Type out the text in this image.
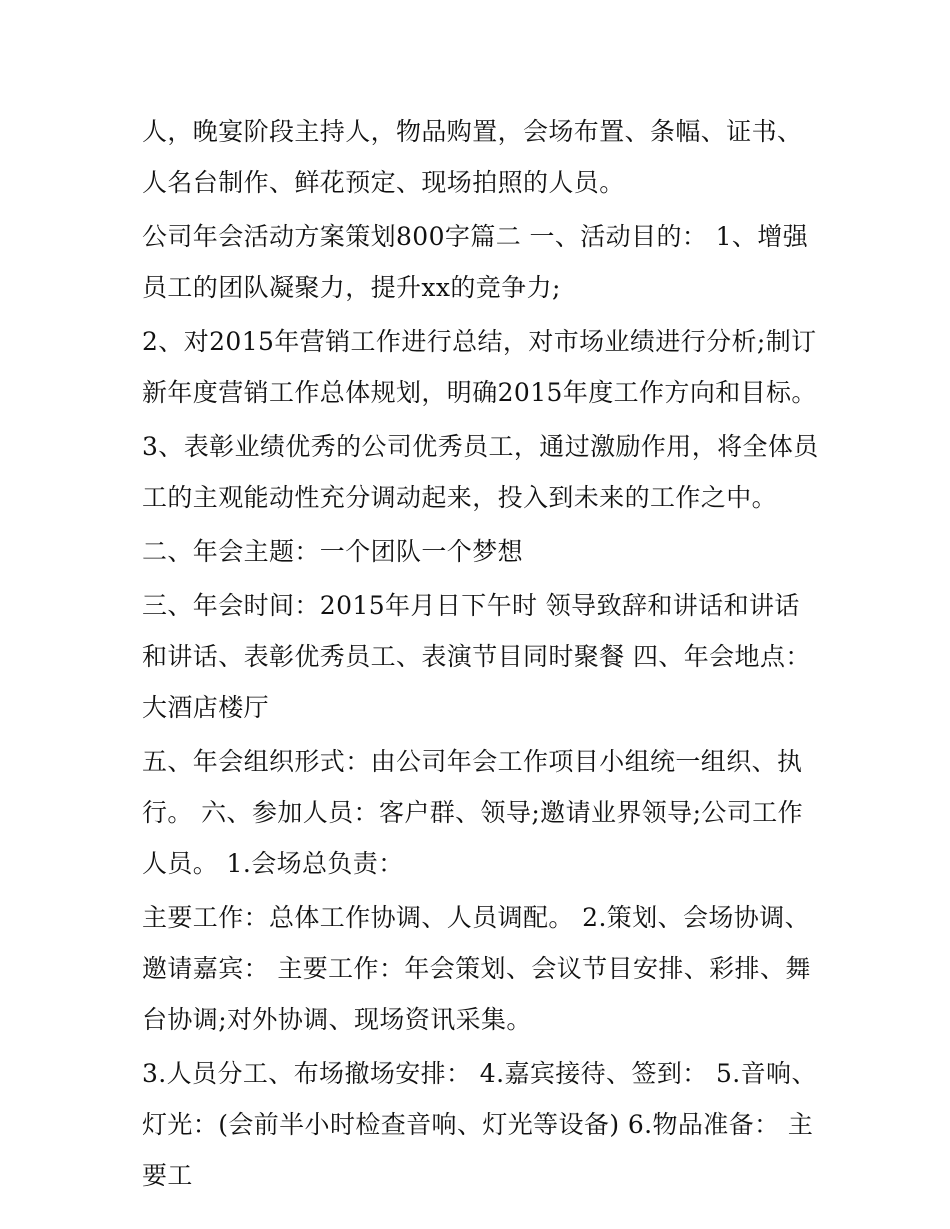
人，晚宴阶段主持人，物品购置，会场布置、条幅、证书、人名台制作、鲜花预定、现场拍照的人员。

公司年会活动方案策划800字篇二 一、活动目的： 1、增强员工的团队凝聚力，提升xx的竞争力;

2、对2015年营销工作进行总结，对市场业绩进行分析;制订新年度营销工作总体规划，明确2015年度工作方向和目标。

3、表彰业绩优秀的公司优秀员工，通过激励作用，将全体员工的主观能动性充分调动起来，投入到未来的工作之中。

二、年会主题：一个团队一个梦想

三、年会时间：2015年月日下午时 领导致辞和讲话和讲话和讲话、表彰优秀员工、表演节目同时聚餐 四、年会地点：大酒店楼厅

五、年会组织形式：由公司年会工作项目小组统一组织、执行。 六、参加人员：客户群、领导;邀请业界领导;公司工作人员。 1.会场总负责：

主要工作：总体工作协调、人员调配。 2.策划、会场协调、邀请嘉宾： 主要工作：年会策划、会议节目安排、彩排、舞台协调;对外协调、现场资讯采集。

3.人员分工、布场撤场安排： 4.嘉宾接待、签到： 5.音响、灯光：(会前半小时检查音响、灯光等设备) 6.物品准备： 主要工
